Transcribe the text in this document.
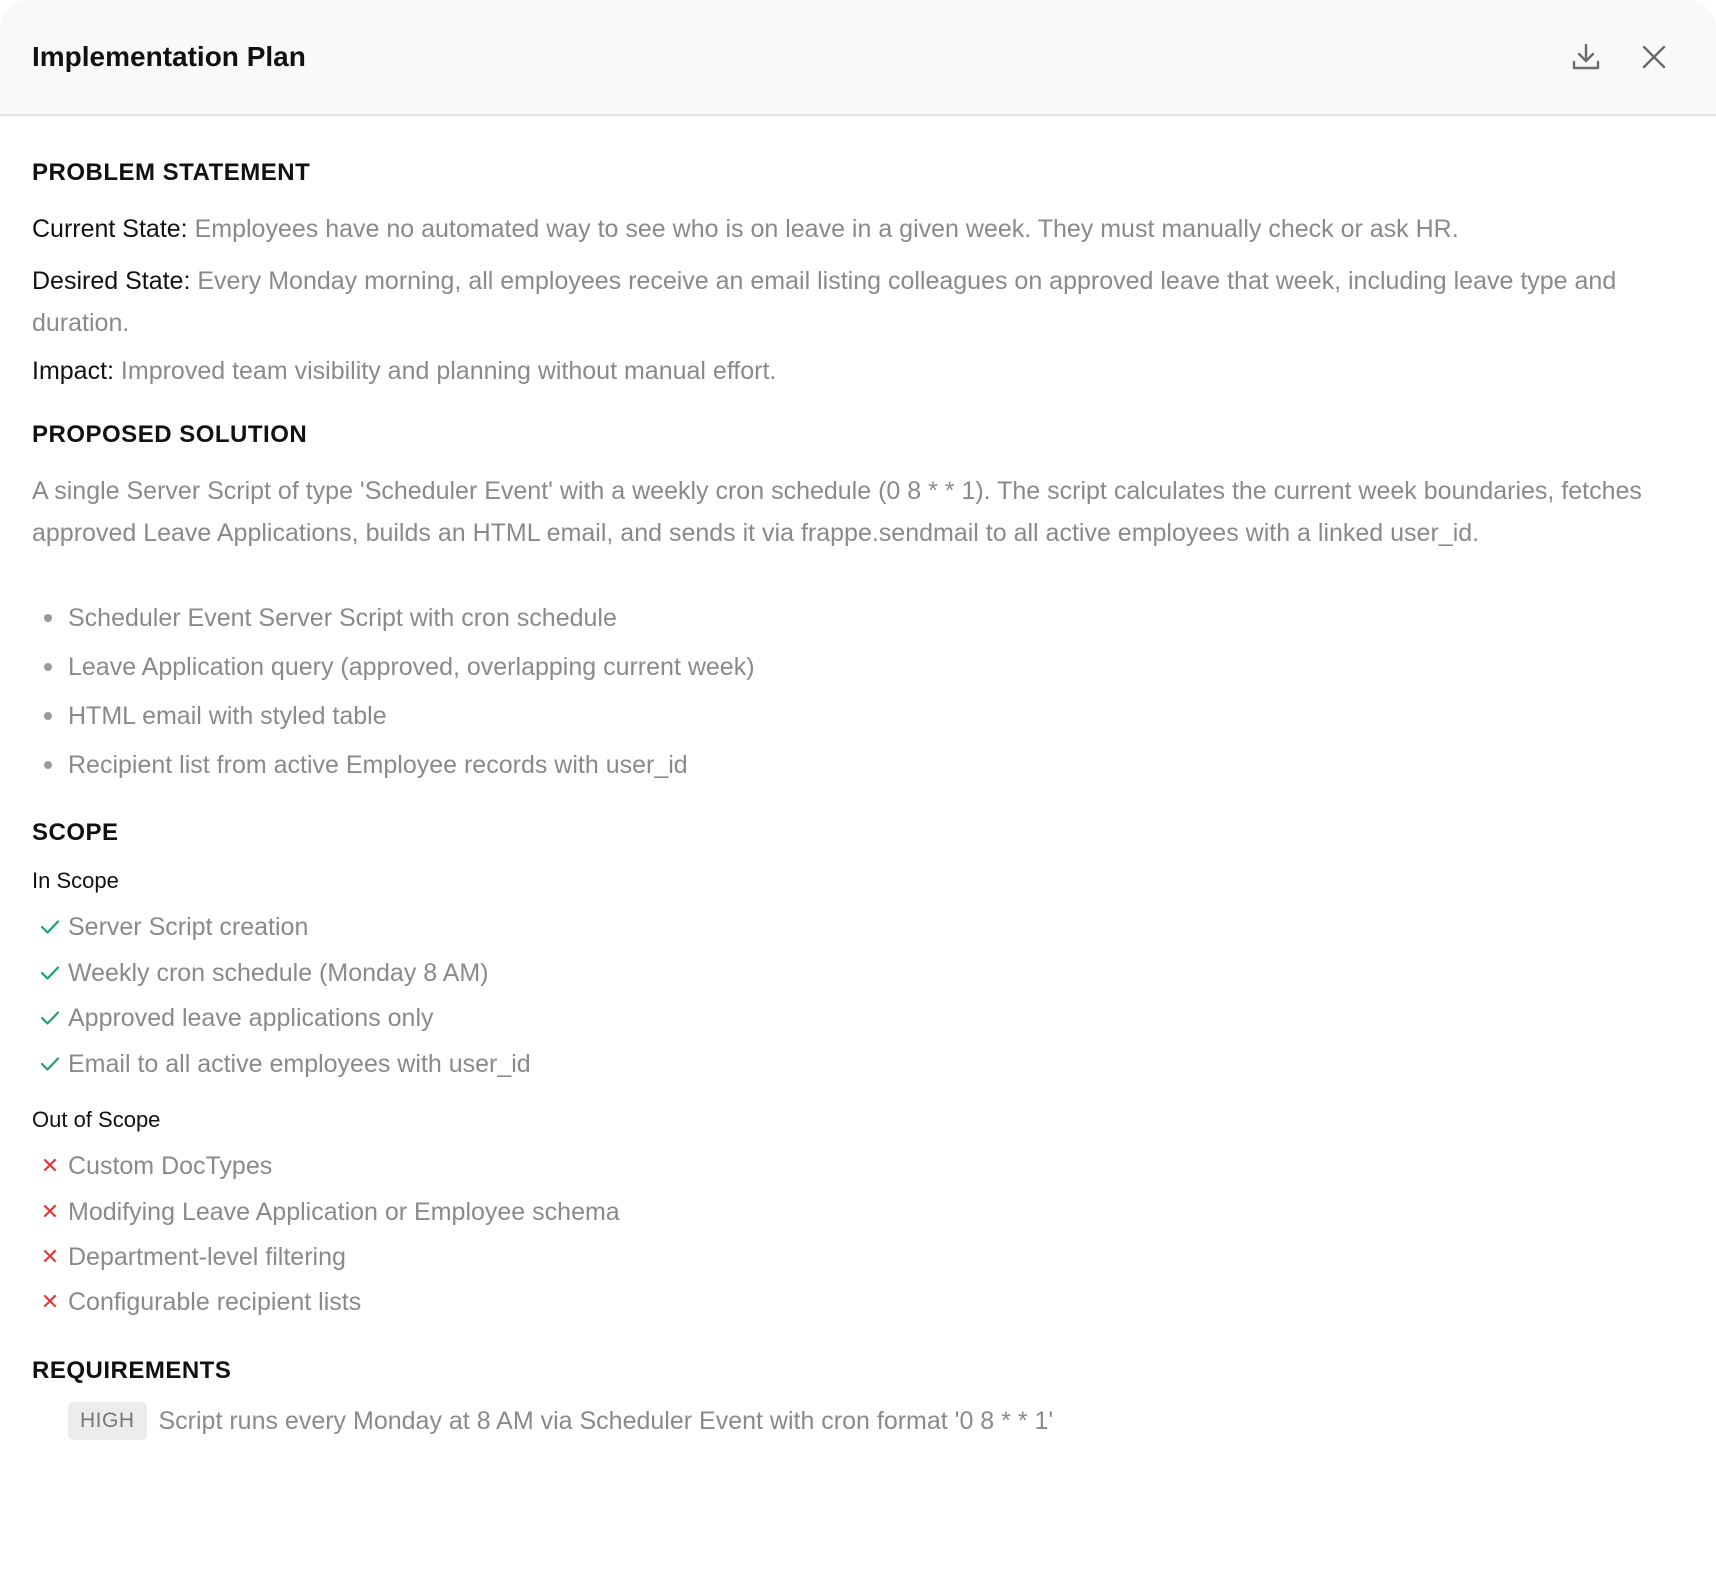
Implementation Plan
PROBLEM STATEMENT
Current State: Employees have no automated way to see who is on leave in a given week. They must manually check or ask HR.
Desired State: Every Monday morning, all employees receive an email listing colleagues on approved leave that week, including leave type and duration.
Impact: Improved team visibility and planning without manual effort.
PROPOSED SOLUTION
A single Server Script of type 'Scheduler Event' with a weekly cron schedule (0 8 * * 1). The script calculates the current week boundaries, fetches approved Leave Applications, builds an HTML email, and sends it via frappe.sendmail to all active employees with a linked user_id.
Scheduler Event Server Script with cron schedule
Leave Application query (approved, overlapping current week)
HTML email with styled table
Recipient list from active Employee records with user_id
SCOPE
In Scope
Server Script creation
Weekly cron schedule (Monday 8 AM)
Approved leave applications only
Email to all active employees with user_id
Out of Scope
✕ Custom DocTypes
✕ Modifying Leave Application or Employee schema
✕ Department-level filtering
✕ Configurable recipient lists
REQUIREMENTS
HIGH Script runs every Monday at 8 AM via Scheduler Event with cron format '0 8 * * 1'
